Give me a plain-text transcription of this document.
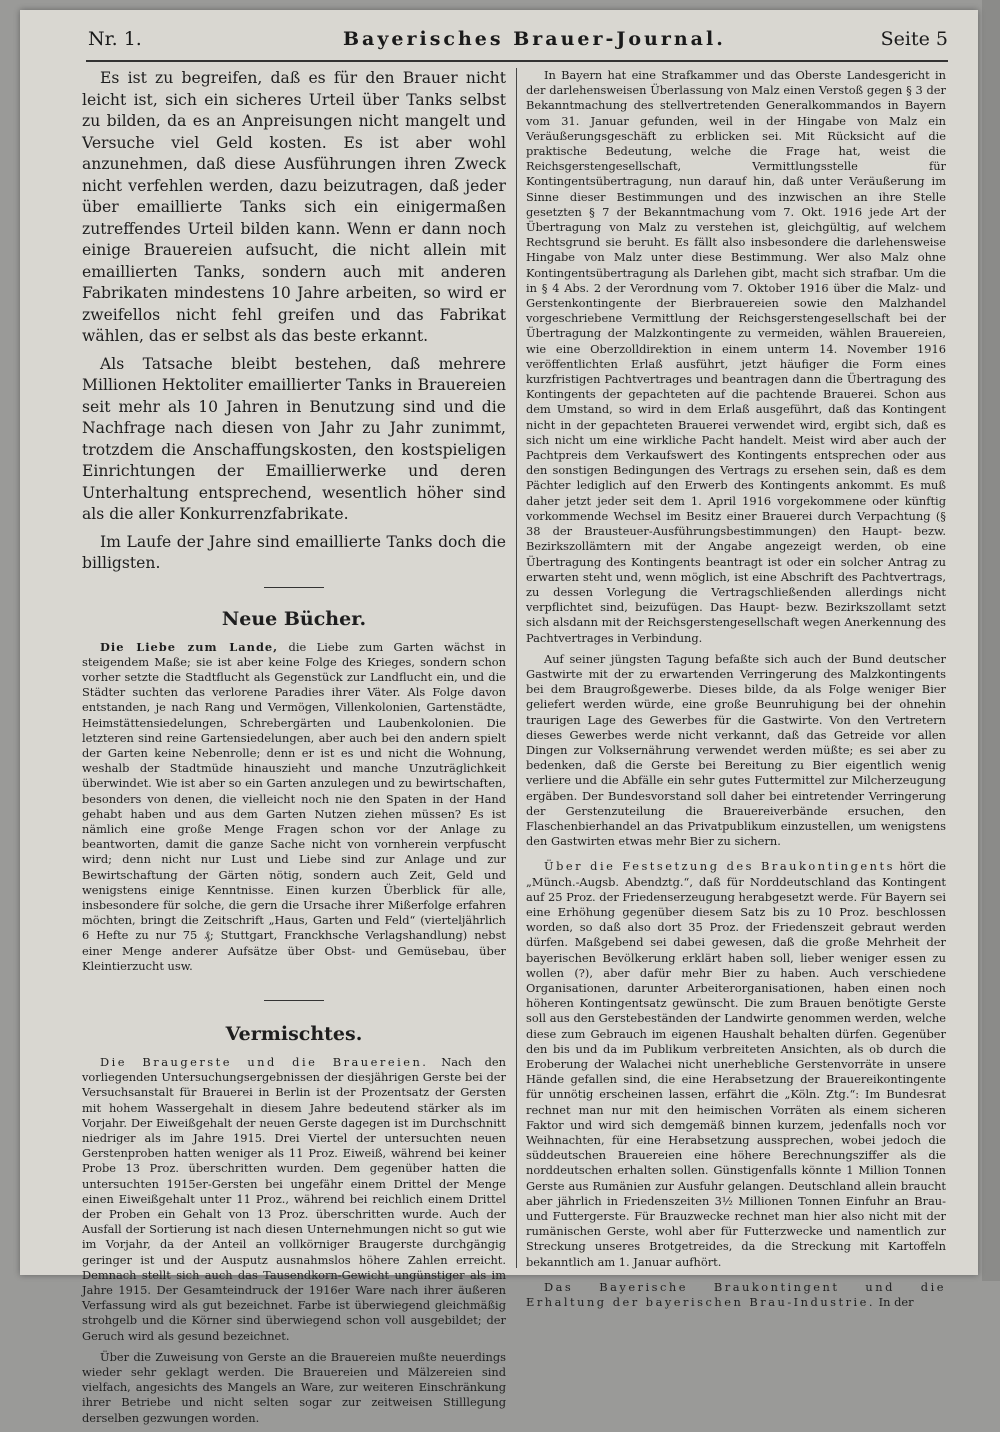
Nr. 1.	Bayerisches Brauer-Journal.	Seite 5

Es ist zu begreifen, daß es für den Brauer nicht leicht ist, sich ein sicheres Urteil über Tanks selbst zu bilden, da es an Anpreisungen nicht mangelt und Versuche viel Geld kosten. Es ist aber wohl anzunehmen, daß diese Ausführungen ihren Zweck nicht verfehlen werden, dazu beizutragen, daß jeder über emaillierte Tanks sich ein einigermaßen zutreffendes Urteil bilden kann. Wenn er dann noch einige Brauereien aufsucht, die nicht allein mit emaillierten Tanks, sondern auch mit anderen Fabrikaten mindestens 10 Jahre arbeiten, so wird er zweifellos nicht fehl greifen und das Fabrikat wählen, das er selbst als das beste erkannt.

Als Tatsache bleibt bestehen, daß mehrere Millionen Hektoliter emaillierter Tanks in Brauereien seit mehr als 10 Jahren in Benutzung sind und die Nachfrage nach diesen von Jahr zu Jahr zunimmt, trotzdem die Anschaffungskosten, den kostspieligen Einrichtungen der Emaillierwerke und deren Unterhaltung entsprechend, wesentlich höher sind als die aller Konkurrenzfabrikate.

Im Laufe der Jahre sind emaillierte Tanks doch die billigsten.

Neue Bücher.

Die Liebe zum Lande, die Liebe zum Garten wächst in steigendem Maße; sie ist aber keine Folge des Krieges, sondern schon vorher setzte die Stadtflucht als Gegenstück zur Landflucht ein, und die Städter suchten das verlorene Paradies ihrer Väter. Als Folge davon entstanden, je nach Rang und Vermögen, Villenkolonien, Gartenstädte, Heimstättensiedelungen, Schrebergärten und Laubenkolonien. Die letzteren sind reine Gartensiedelungen, aber auch bei den andern spielt der Garten keine Nebenrolle; denn er ist es und nicht die Wohnung, weshalb der Stadtmüde hinauszieht und manche Unzuträglichkeit überwindet. Wie ist aber so ein Garten anzulegen und zu bewirtschaften, besonders von denen, die vielleicht noch nie den Spaten in der Hand gehabt haben und aus dem Garten Nutzen ziehen müssen? Es ist nämlich eine große Menge Fragen schon vor der Anlage zu beantworten, damit die ganze Sache nicht von vornherein verpfuscht wird; denn nicht nur Lust und Liebe sind zur Anlage und zur Bewirtschaftung der Gärten nötig, sondern auch Zeit, Geld und wenigstens einige Kenntnisse. Einen kurzen Überblick für alle, insbesondere für solche, die gern die Ursache ihrer Mißerfolge erfahren möchten, bringt die Zeitschrift „Haus, Garten und Feld“ (vierteljährlich 6 Hefte zu nur 75 ₰; Stuttgart, Franckhsche Verlagshandlung) nebst einer Menge anderer Aufsätze über Obst- und Gemüsebau, über Kleintierzucht usw.

Vermischtes.

Die Braugerste und die Brauereien. Nach den vorliegenden Untersuchungsergebnissen der diesjährigen Gerste bei der Versuchsanstalt für Brauerei in Berlin ist der Prozentsatz der Gersten mit hohem Wassergehalt in diesem Jahre bedeutend stärker als im Vorjahr. Der Eiweißgehalt der neuen Gerste dagegen ist im Durchschnitt niedriger als im Jahre 1915. Drei Viertel der untersuchten neuen Gerstenproben hatten weniger als 11 Proz. Eiweiß, während bei keiner Probe 13 Proz. überschritten wurden. Dem gegenüber hatten die untersuchten 1915er-Gersten bei ungefähr einem Drittel der Menge einen Eiweißgehalt unter 11 Proz., während bei reichlich einem Drittel der Proben ein Gehalt von 13 Proz. überschritten wurde. Auch der Ausfall der Sortierung ist nach diesen Unternehmungen nicht so gut wie im Vorjahr, da der Anteil an vollkörniger Braugerste durchgängig geringer ist und der Ausputz ausnahmslos höhere Zahlen erreicht. Demnach stellt sich auch das Tausendkorn-Gewicht ungünstiger als im Jahre 1915. Der Gesamteindruck der 1916er Ware nach ihrer äußeren Verfassung wird als gut bezeichnet. Farbe ist überwiegend gleichmäßig strohgelb und die Körner sind überwiegend schon voll ausgebildet; der Geruch wird als gesund bezeichnet.

Über die Zuweisung von Gerste an die Brauereien mußte neuerdings wieder sehr geklagt werden. Die Brauereien und Mälzereien sind vielfach, angesichts des Mangels an Ware, zur weiteren Einschränkung ihrer Betriebe und nicht selten sogar zur zeitweisen Stilllegung derselben gezwungen worden.

In Bayern hat eine Strafkammer und das Oberste Landesgericht in der darlehensweisen Überlassung von Malz einen Verstoß gegen § 3 der Bekanntmachung des stellvertretenden Generalkommandos in Bayern vom 31. Januar gefunden, weil in der Hingabe von Malz ein Veräußerungsgeschäft zu erblicken sei. Mit Rücksicht auf die praktische Bedeutung, welche die Frage hat, weist die Reichsgerstengesellschaft, Vermittlungsstelle für Kontingentsübertragung, nun darauf hin, daß unter Veräußerung im Sinne dieser Bestimmungen und des inzwischen an ihre Stelle gesetzten § 7 der Bekanntmachung vom 7. Okt. 1916 jede Art der Übertragung von Malz zu verstehen ist, gleichgültig, auf welchem Rechtsgrund sie beruht. Es fällt also insbesondere die darlehensweise Hingabe von Malz unter diese Bestimmung. Wer also Malz ohne Kontingentsübertragung als Darlehen gibt, macht sich strafbar. Um die in § 4 Abs. 2 der Verordnung vom 7. Oktober 1916 über die Malz- und Gerstenkontingente der Bierbrauereien sowie den Malzhandel vorgeschriebene Vermittlung der Reichsgerstengesellschaft bei der Übertragung der Malzkontingente zu vermeiden, wählen Brauereien, wie eine Oberzolldirektion in einem unterm 14. November 1916 veröffentlichten Erlaß ausführt, jetzt häufiger die Form eines kurzfristigen Pachtvertrages und beantragen dann die Übertragung des Kontingents der gepachteten auf die pachtende Brauerei. Schon aus dem Umstand, so wird in dem Erlaß ausgeführt, daß das Kontingent nicht in der gepachteten Brauerei verwendet wird, ergibt sich, daß es sich nicht um eine wirkliche Pacht handelt. Meist wird aber auch der Pachtpreis dem Verkaufswert des Kontingents entsprechen oder aus den sonstigen Bedingungen des Vertrags zu ersehen sein, daß es dem Pächter lediglich auf den Erwerb des Kontingents ankommt. Es muß daher jetzt jeder seit dem 1. April 1916 vorgekommene oder künftig vorkommende Wechsel im Besitz einer Brauerei durch Verpachtung (§ 38 der Brausteuer-Ausführungsbestimmungen) den Haupt- bezw. Bezirkszollämtern mit der Angabe angezeigt werden, ob eine Übertragung des Kontingents beantragt ist oder ein solcher Antrag zu erwarten steht und, wenn möglich, ist eine Abschrift des Pachtvertrags, zu dessen Vorlegung die Vertragschließenden allerdings nicht verpflichtet sind, beizufügen. Das Haupt- bezw. Bezirkszollamt setzt sich alsdann mit der Reichsgerstengesellschaft wegen Anerkennung des Pachtvertrages in Verbindung.

Auf seiner jüngsten Tagung befaßte sich auch der Bund deutscher Gastwirte mit der zu erwartenden Verringerung des Malzkontingents bei dem Braugroßgewerbe. Dieses bilde, da als Folge weniger Bier geliefert werden würde, eine große Beunruhigung bei der ohnehin traurigen Lage des Gewerbes für die Gastwirte. Von den Vertretern dieses Gewerbes werde nicht verkannt, daß das Getreide vor allen Dingen zur Volksernährung verwendet werden müßte; es sei aber zu bedenken, daß die Gerste bei Bereitung zu Bier eigentlich wenig verliere und die Abfälle ein sehr gutes Futtermittel zur Milcherzeugung ergäben. Der Bundesvorstand soll daher bei eintretender Verringerung der Gerstenzuteilung die Brauereiverbände ersuchen, den Flaschenbierhandel an das Privatpublikum einzustellen, um wenigstens den Gastwirten etwas mehr Bier zu sichern.

Über die Festsetzung des Braukontingents hört die „Münch.-Augsb. Abendztg.“, daß für Norddeutschland das Kontingent auf 25 Proz. der Friedenserzeugung herabgesetzt werde. Für Bayern sei eine Erhöhung gegenüber diesem Satz bis zu 10 Proz. beschlossen worden, so daß also dort 35 Proz. der Friedenszeit gebraut werden dürfen. Maßgebend sei dabei gewesen, daß die große Mehrheit der bayerischen Bevölkerung erklärt haben soll, lieber weniger essen zu wollen (?), aber dafür mehr Bier zu haben. Auch verschiedene Organisationen, darunter Arbeiterorganisationen, haben einen noch höheren Kontingentsatz gewünscht. Die zum Brauen benötigte Gerste soll aus den Gerstebeständen der Landwirte genommen werden, welche diese zum Gebrauch im eigenen Haushalt behalten dürfen. Gegenüber den bis und da im Publikum verbreiteten Ansichten, als ob durch die Eroberung der Walachei nicht unerhebliche Gerstenvorräte in unsere Hände gefallen sind, die eine Herabsetzung der Brauereikontingente für unnötig erscheinen lassen, erfährt die „Köln. Ztg.“: Im Bundesrat rechnet man nur mit den heimischen Vorräten als einem sicheren Faktor und wird sich demgemäß binnen kurzem, jedenfalls noch vor Weihnachten, für eine Herabsetzung aussprechen, wobei jedoch die süddeutschen Brauereien eine höhere Berechnungsziffer als die norddeutschen erhalten sollen. Günstigenfalls könnte 1 Million Tonnen Gerste aus Rumänien zur Ausfuhr gelangen. Deutschland allein braucht aber jährlich in Friedenszeiten 3½ Millionen Tonnen Einfuhr an Brau- und Futtergerste. Für Brauzwecke rechnet man hier also nicht mit der rumänischen Gerste, wohl aber für Futterzwecke und namentlich zur Streckung unseres Brotgetreides, da die Streckung mit Kartoffeln bekanntlich am 1. Januar aufhört.

Das Bayerische Braukontingent und die Erhaltung der bayerischen Brau-Industrie. In der
